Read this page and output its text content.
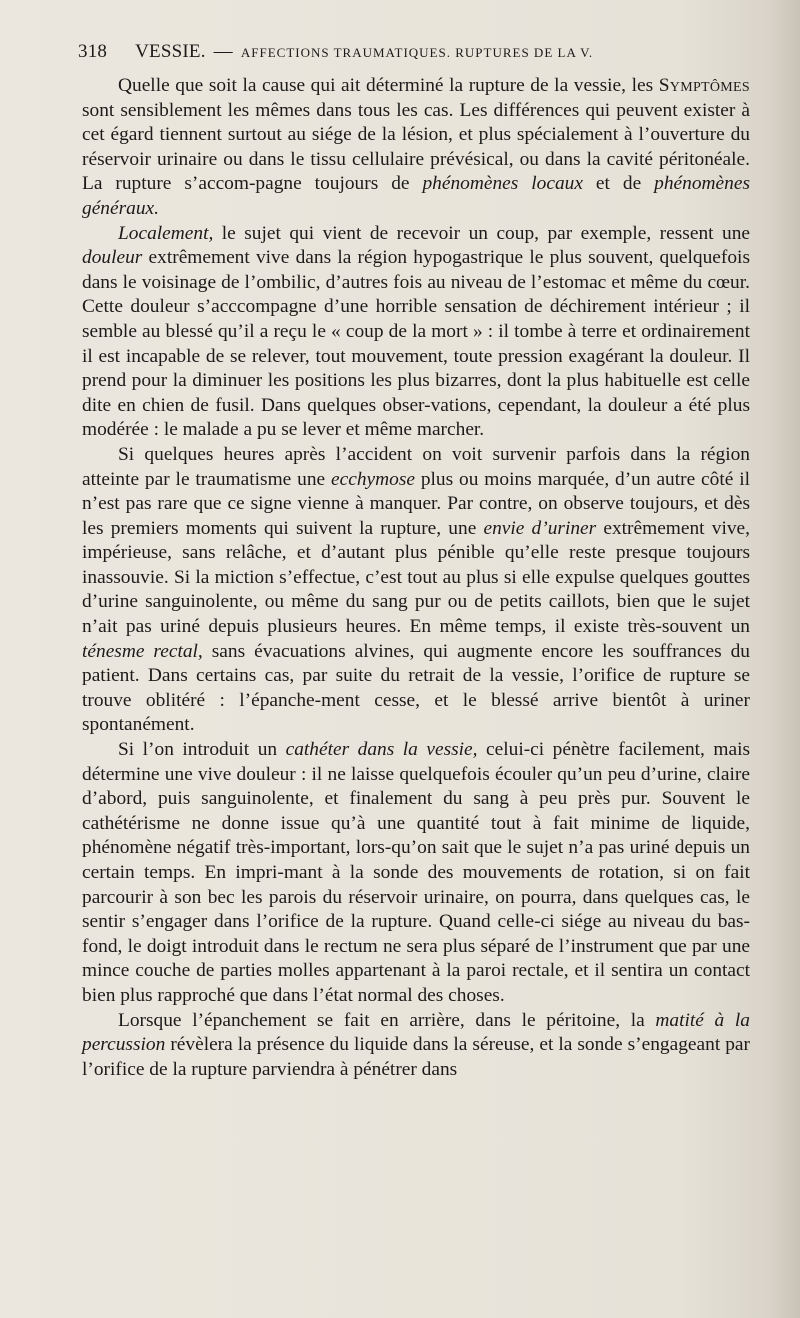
318 VESSIE. — AFFECTIONS TRAUMATIQUES. RUPTURES DE LA V.

Quelle que soit la cause qui ait déterminé la rupture de la vessie, les Symptômes sont sensiblement les mêmes dans tous les cas. Les différences qui peuvent exister à cet égard tiennent surtout au siége de la lésion, et plus spécialement à l’ouverture du réservoir urinaire ou dans le tissu cellulaire prévésical, ou dans la cavité péritonéale. La rupture s’accom-pagne toujours de phénomènes locaux et de phénomènes généraux.

Localement, le sujet qui vient de recevoir un coup, par exemple, ressent une douleur extrêmement vive dans la région hypogastrique le plus souvent, quelquefois dans le voisinage de l’ombilic, d’autres fois au niveau de l’estomac et même du cœur. Cette douleur s’acccompagne d’une horrible sensation de déchirement intérieur ; il semble au blessé qu’il a reçu le « coup de la mort » : il tombe à terre et ordinairement il est incapable de se relever, tout mouvement, toute pression exagérant la douleur. Il prend pour la diminuer les positions les plus bizarres, dont la plus habituelle est celle dite en chien de fusil. Dans quelques obser-vations, cependant, la douleur a été plus modérée : le malade a pu se lever et même marcher.

Si quelques heures après l’accident on voit survenir parfois dans la région atteinte par le traumatisme une ecchymose plus ou moins marquée, d’un autre côté il n’est pas rare que ce signe vienne à manquer. Par contre, on observe toujours, et dès les premiers moments qui suivent la rupture, une envie d’uriner extrêmement vive, impérieuse, sans relâche, et d’autant plus pénible qu’elle reste presque toujours inassouvie. Si la miction s’effectue, c’est tout au plus si elle expulse quelques gouttes d’urine sanguinolente, ou même du sang pur ou de petits caillots, bien que le sujet n’ait pas uriné depuis plusieurs heures. En même temps, il existe très-souvent un ténesme rectal, sans évacuations alvines, qui augmente encore les souffrances du patient. Dans certains cas, par suite du retrait de la vessie, l’orifice de rupture se trouve oblitéré : l’épanche-ment cesse, et le blessé arrive bientôt à uriner spontanément.

Si l’on introduit un cathéter dans la vessie, celui-ci pénètre facilement, mais détermine une vive douleur : il ne laisse quelquefois écouler qu’un peu d’urine, claire d’abord, puis sanguinolente, et finalement du sang à peu près pur. Souvent le cathétérisme ne donne issue qu’à une quantité tout à fait minime de liquide, phénomène négatif très-important, lors-qu’on sait que le sujet n’a pas uriné depuis un certain temps. En impri-mant à la sonde des mouvements de rotation, si on fait parcourir à son bec les parois du réservoir urinaire, on pourra, dans quelques cas, le sentir s’engager dans l’orifice de la rupture. Quand celle-ci siége au niveau du bas-fond, le doigt introduit dans le rectum ne sera plus séparé de l’instrument que par une mince couche de parties molles appartenant à la paroi rectale, et il sentira un contact bien plus rapproché que dans l’état normal des choses.

Lorsque l’épanchement se fait en arrière, dans le péritoine, la matité à la percussion révèlera la présence du liquide dans la séreuse, et la sonde s’engageant par l’orifice de la rupture parviendra à pénétrer dans
